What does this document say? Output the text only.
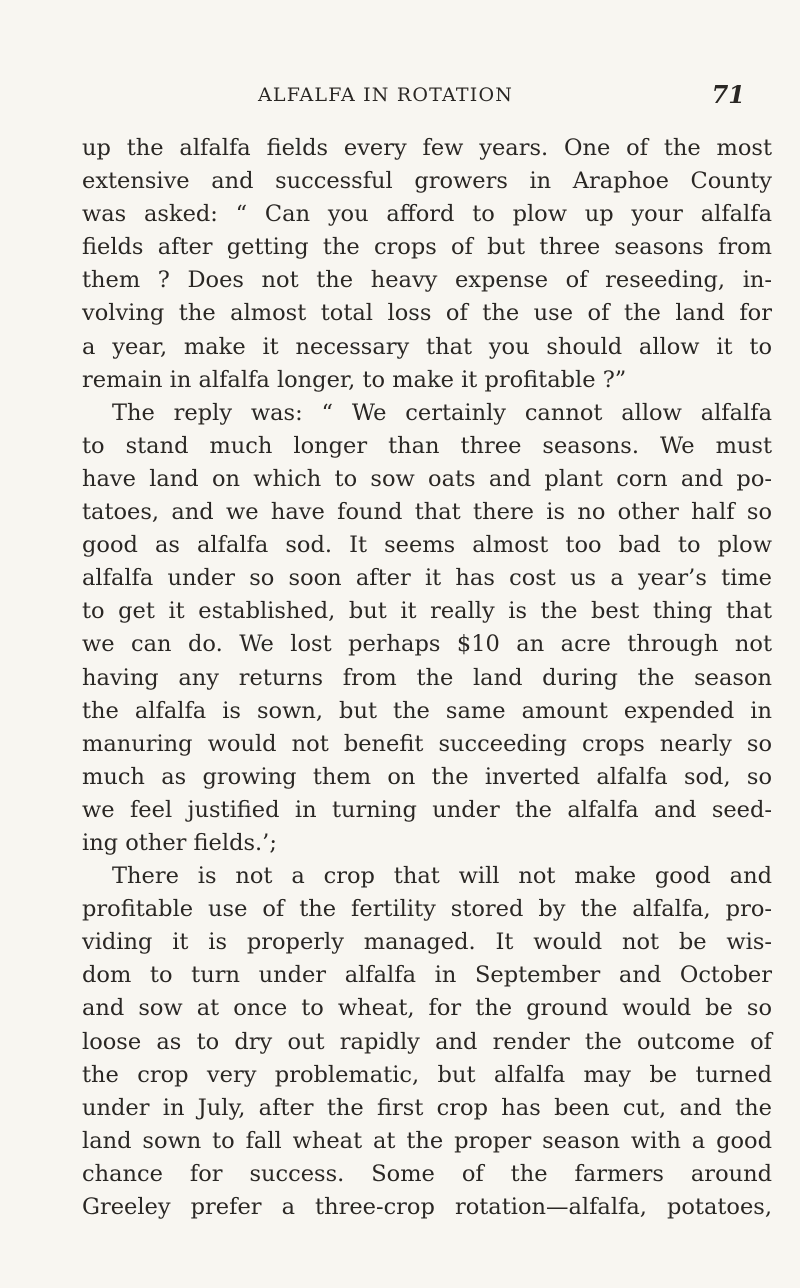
ALFALFA IN ROTATION	71
up the alfalfa fields every few years. One of the most
extensive and successful growers in Araphoe County
was asked: “ Can you afford to plow up your alfalfa
fields after getting the crops of but three seasons from
them ? Does not the heavy expense of reseeding, in-
volving the almost total loss of the use of the land for
a year, make it necessary that you should allow it to
remain in alfalfa longer, to make it profitable ?”
The reply was: “ We certainly cannot allow alfalfa
to stand much longer than three seasons. We must
have land on which to sow oats and plant corn and po-
tatoes, and we have found that there is no other half so
good as alfalfa sod. It seems almost too bad to plow
alfalfa under so soon after it has cost us a year’s time
to get it established, but it really is the best thing that
we can do. We lost perhaps $10 an acre through not
having any returns from the land during the season
the alfalfa is sown, but the same amount expended in
manuring would not benefit succeeding crops nearly so
much as growing them on the inverted alfalfa sod, so
we feel justified in turning under the alfalfa and seed-
ing other fields.’;
There is not a crop that will not make good and
profitable use of the fertility stored by the alfalfa, pro-
viding it is properly managed. It would not be wis-
dom to turn under alfalfa in September and October
and sow at once to wheat, for the ground would be so
loose as to dry out rapidly and render the outcome of
the crop very problematic, but alfalfa may be turned
under in July, after the first crop has been cut, and the
land sown to fall wheat at the proper season with a good
chance for success. Some of the farmers around
Greeley prefer a three-crop rotation—alfalfa, potatoes,
